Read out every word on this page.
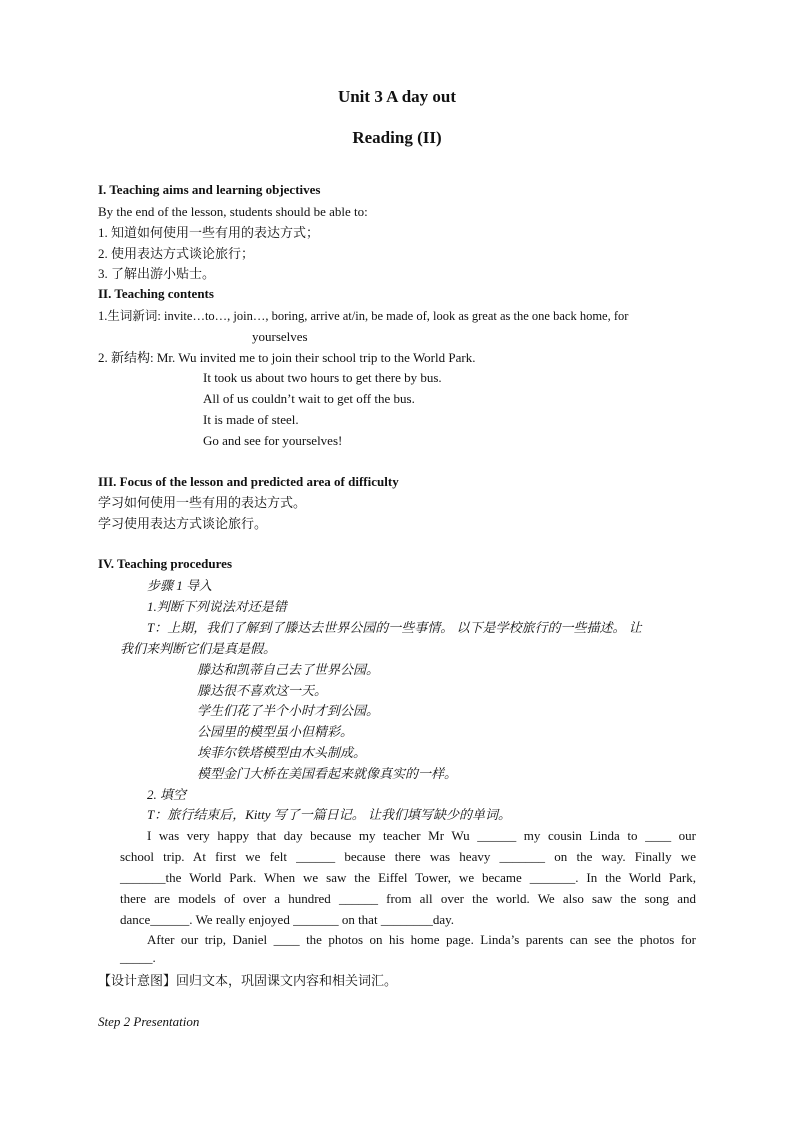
Unit 3 A day out
Reading (II)
I. Teaching aims and learning objectives
By the end of the lesson, students should be able to:
1. 知道如何使用一些有用的表达方式；
2. 使用表达方式谈论旅行；
3. 了解出游小贴士。
II. Teaching contents
1.生词新词: invite…to…, join…, boring, arrive at/in, be made of, look as great as the one back home, for
yourselves
2. 新结构: Mr. Wu invited me to join their school trip to the World Park.
It took us about two hours to get there by bus.
All of us couldn’t wait to get off the bus.
It is made of steel.
Go and see for yourselves!
III. Focus of the lesson and predicted area of difficulty
学习如何使用一些有用的表达方式。
学习使用表达方式谈论旅行。
IV. Teaching procedures
步骤 1 导入
1.判断下列说法对还是错
T：上期，我们了解到了滕达去世界公园的一些事情。 以下是学校旅行的一些描述。 让
我们来判断它们是真是假。
滕达和凯蒂自己去了世界公园。
滕达很不喜欢这一天。
学生们花了半个小时才到公园。
公园里的模型虽小但精彩。
埃菲尔铁塔模型由木头制成。
模型金门大桥在美国看起来就像真实的一样。
2. 填空
T：旅行结束后，Kitty 写了一篇日记。 让我们填写缺少的单词。
I was very happy that day because my teacher Mr Wu ______ my cousin Linda to ____ our
school trip. At first we felt ______ because there was heavy _______ on the way. Finally we
_______the World Park. When we saw the Eiffel Tower, we became _______. In the World Park,
there are models of over a hundred ______ from all over the world. We also saw the song and
dance______. We really enjoyed _______ on that ________day.
After our trip, Daniel ____ the photos on his home page. Linda’s parents can see the photos for
_____.
【设计意图】回归文本，巩固课文内容和相关词汇。
Step 2 Presentation
